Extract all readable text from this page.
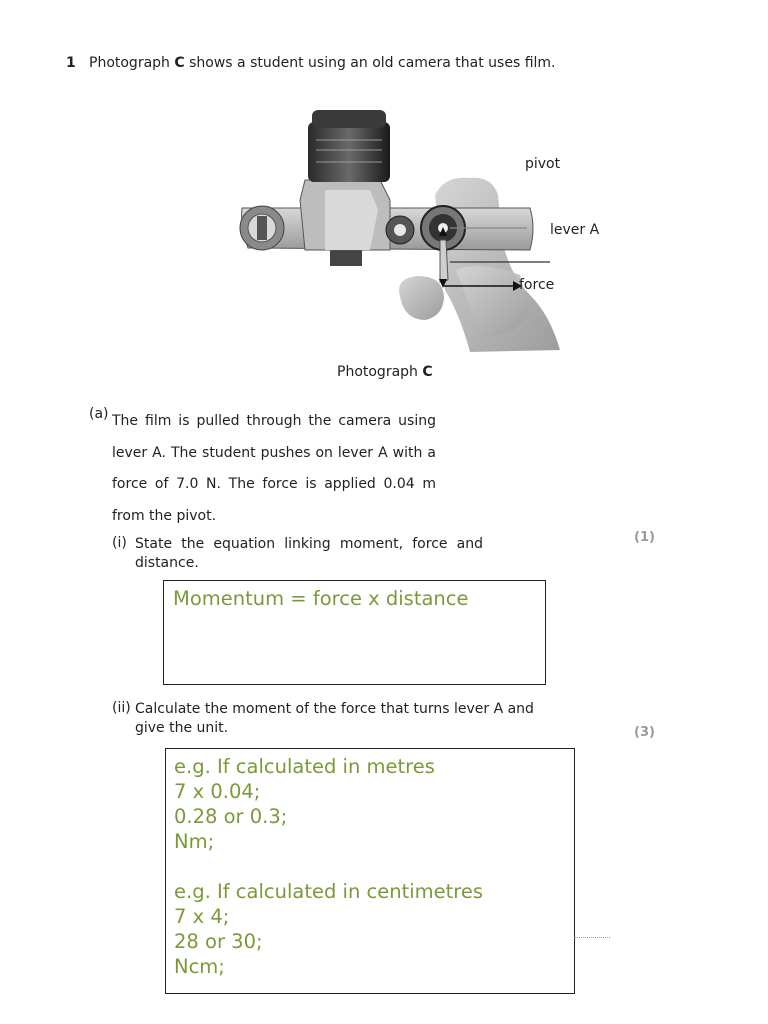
1 Photograph C shows a student using an old camera that uses film.
pivot
lever A
force
Photograph C
(a) The film is pulled through the camera using lever A. The student pushes on lever A with a force of 7.0 N. The force is applied 0.04 m from the pivot.
(i) State the equation linking moment, force and distance.
(1)
Momentum = force x distance
(ii) Calculate the moment of the force that turns lever A and give the unit.	(3)
e.g. If calculated in metres
7 x 0.04;
0.28 or 0.3;
Nm;

e.g. If calculated in centimetres
7 x 4;
28 or 30;
Ncm;
